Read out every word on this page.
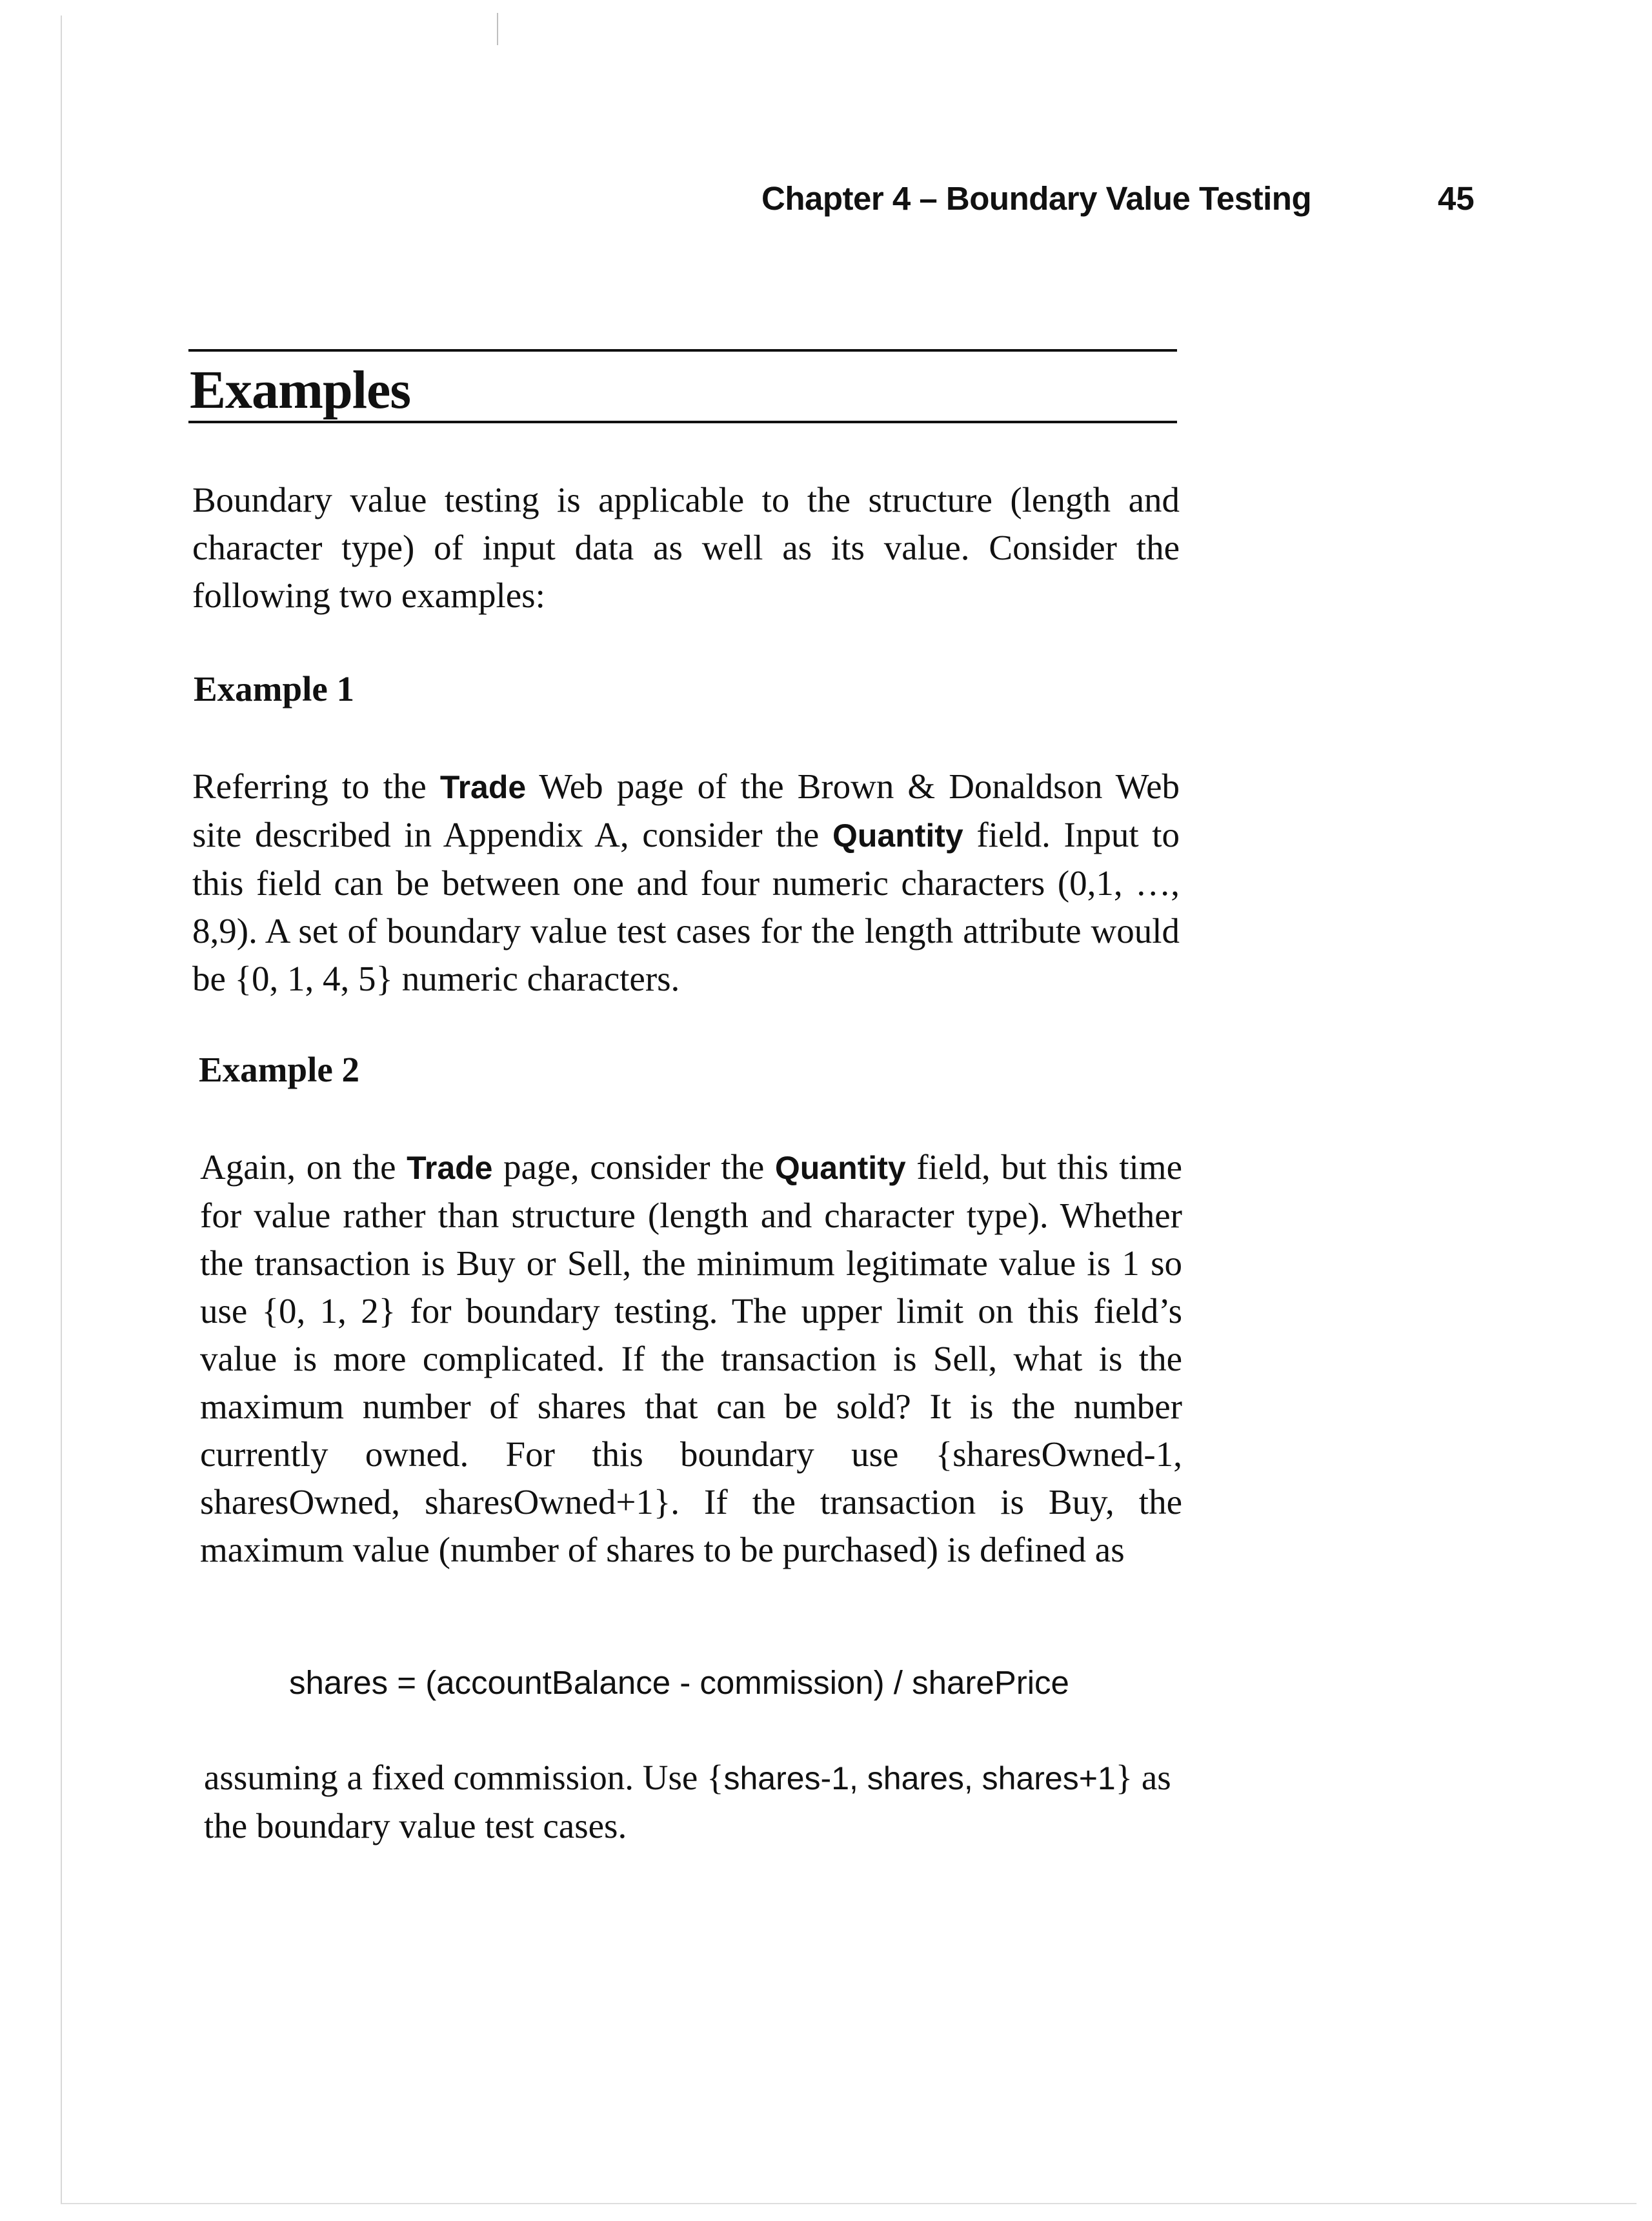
Chapter 4 – Boundary Value Testing	45
Examples
Boundary value testing is applicable to the structure (length and character type) of input data as well as its value. Consider the following two examples:
Example 1
Referring to the Trade Web page of the Brown & Donaldson Web site described in Appendix A, consider the Quantity field. Input to this field can be between one and four numeric characters (0,1, …, 8,9). A set of boundary value test cases for the length attribute would be {0, 1, 4, 5} numeric characters.
Example 2
Again, on the Trade page, consider the Quantity field, but this time for value rather than structure (length and character type). Whether the transaction is Buy or Sell, the minimum legitimate value is 1 so use {0, 1, 2} for boundary testing. The upper limit on this field’s value is more complicated. If the transaction is Sell, what is the maximum number of shares that can be sold? It is the number currently owned. For this boundary use {sharesOwned-1, sharesOwned, sharesOwned+1}. If the transaction is Buy, the maximum value (number of shares to be purchased) is defined as
shares = (accountBalance - commission) / sharePrice
assuming a fixed commission. Use {shares-1, shares, shares+1} as the boundary value test cases.
